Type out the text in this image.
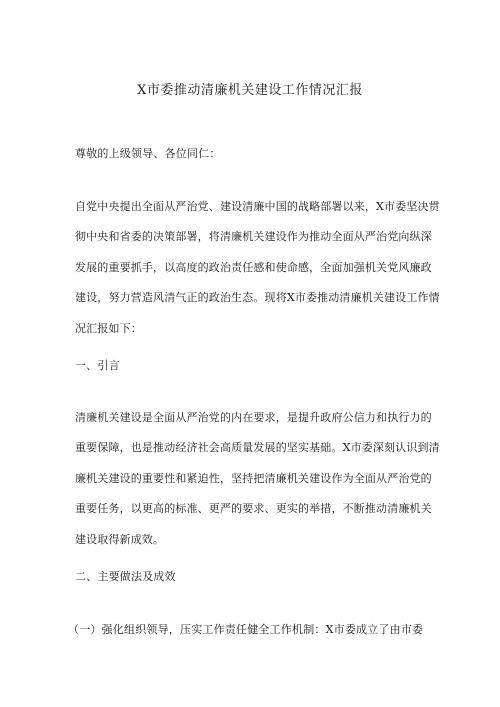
X市委推动清廉机关建设工作情况汇报
尊敬的上级领导、各位同仁：
自党中央提出全面从严治党、建设清廉中国的战略部署以来，X市委坚决贯
彻中央和省委的决策部署，将清廉机关建设作为推动全面从严治党向纵深
发展的重要抓手，以高度的政治责任感和使命感，全面加强机关党风廉政
建设，努力营造风清气正的政治生态。现将X市委推动清廉机关建设工作情
况汇报如下：
一、引言
清廉机关建设是全面从严治党的内在要求，是提升政府公信力和执行力的
重要保障，也是推动经济社会高质量发展的坚实基础。X市委深刻认识到清
廉机关建设的重要性和紧迫性，坚持把清廉机关建设作为全面从严治党的
重要任务，以更高的标准、更严的要求、更实的举措，不断推动清廉机关
建设取得新成效。
二、主要做法及成效
（一）强化组织领导，压实工作责任健全工作机制：X市委成立了由市委
